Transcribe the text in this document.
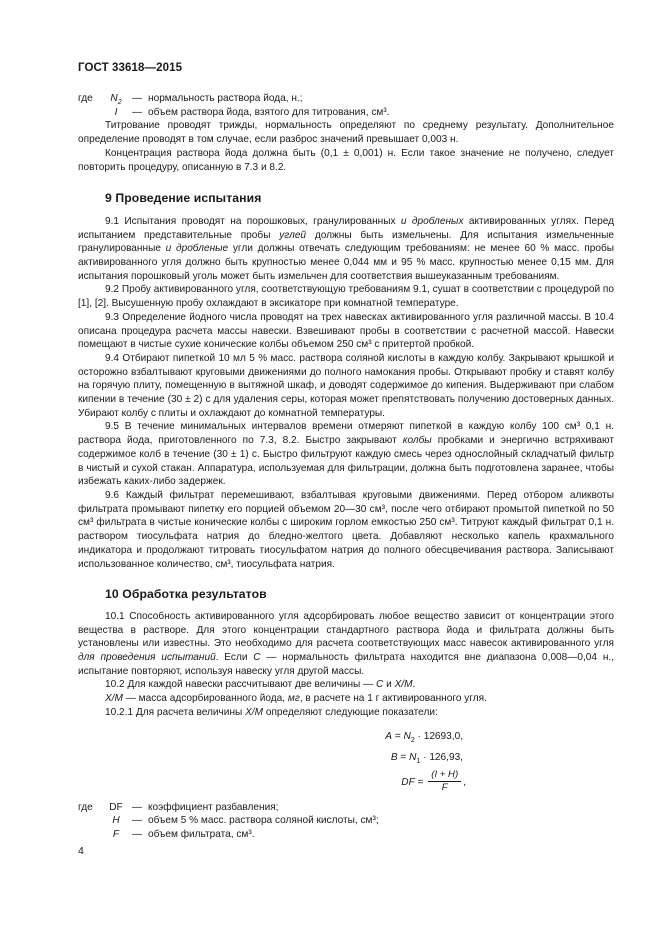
ГОСТ 33618—2015
где	$N_2$	— нормальность раствора йода, н.;
I	— объем раствора йода, взятого для титрования, см³.

Титрование проводят трижды, нормальность определяют по среднему результату. Дополнительное определение проводят в том случае, если разброс значений превышает 0,003 н.

Концентрация раствора йода должна быть (0,1 ± 0,001) н. Если такое значение не получено, следует повторить процедуру, описанную в 7.3 и 8.2.

9 Проведение испытания

9.1 Испытания проводят на порошковых, гранулированных и дробленых активированных углях. Перед испытанием представительные пробы углей должны быть измельчены. Для испытания измельченные гранулированные и дробленые угли должны отвечать следующим требованиям: не менее 60 % масс. пробы активированного угля должно быть крупностью менее 0,044 мм и 95 % масс. крупностью менее 0,15 мм. Для испытания порошковый уголь может быть измельчен для соответствия вышеуказанным требованиям.

9.2 Пробу активированного угля, соответствующую требованиям 9.1, сушат в соответствии с процедурой по [1], [2]. Высушенную пробу охлаждают в эксикаторе при комнатной температуре.

9.3 Определение йодного числа проводят на трех навесках активированного угля различной массы. В 10.4 описана процедура расчета массы навески. Взвешивают пробы в соответствии с расчетной массой. Навески помещают в чистые сухие конические колбы объемом 250 см³ с притертой пробкой.

9.4 Отбирают пипеткой 10 мл 5 % масс. раствора соляной кислоты в каждую колбу. Закрывают крышкой и осторожно взбалтывают круговыми движениями до полного намокания пробы. Открывают пробку и ставят колбу на горячую плиту, помещенную в вытяжной шкаф, и доводят содержимое до кипения. Выдерживают при слабом кипении в течение (30 ± 2) с для удаления серы, которая может препятствовать получению достоверных данных. Убирают колбу с плиты и охлаждают до комнатной температуры.

9.5 В течение минимальных интервалов времени отмеряют пипеткой в каждую колбу 100 см³ 0,1 н. раствора йода, приготовленного по 7.3, 8.2. Быстро закрывают колбы пробками и энергично встряхивают содержимое колб в течение (30 ± 1) с. Быстро фильтруют каждую смесь через однослойный складчатый фильтр в чистый и сухой стакан. Аппаратура, используемая для фильтрации, должна быть подготовлена заранее, чтобы избежать каких-либо задержек.

9.6 Каждый фильтрат перемешивают, взбалтывая круговыми движениями. Перед отбором аликвоты фильтрата промывают пипетку его порцией объемом 20—30 см³, после чего отбирают промытой пипеткой по 50 см³ фильтрата в чистые конические колбы с широким горлом емкостью 250 см³. Титруют каждый фильтрат 0,1 н. раствором тиосульфата натрия до бледно-желтого цвета. Добавляют несколько капель крахмального индикатора и продолжают титровать тиосульфатом натрия до полного обесцвечивания раствора. Записывают использованное количество, см³, тиосульфата натрия.

10 Обработка результатов

10.1 Способность активированного угля адсорбировать любое вещество зависит от концентрации этого вещества в растворе. Для этого концентрации стандартного раствора йода и фильтрата должны быть установлены или известны. Это необходимо для расчета соответствующих масс навесок активированного угля для проведения испытаний. Если C — нормальность фильтрата находится вне диапазона 0,008—0,04 н., испытание повторяют, используя навеску угля другой массы.

10.2 Для каждой навески рассчитывают две величины — C и X/M.

X/M — масса адсорбированного йода, мг, в расчете на 1 г активированного угля.

10.2.1 Для расчета величины X/M определяют следующие показатели:

$A = N_2 \cdot 12693,0$,
$B = N_1 \cdot 126,93$,
DF = $\frac{(I + H)}{F}$ ,
где	DF — коэффициент разбавления;
H	— объем 5 % масс. раствора соляной кислоты, см³;
F	— объем фильтрата, см³.
4
